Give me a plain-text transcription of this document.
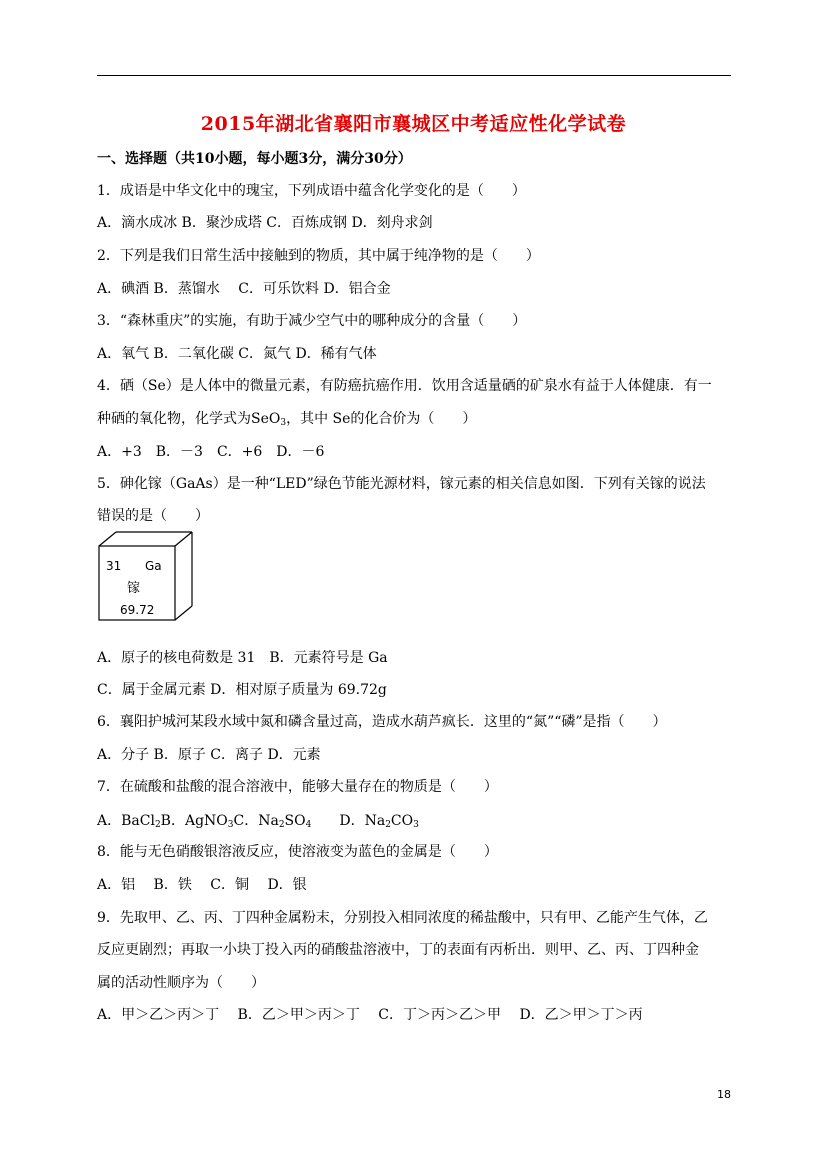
2015年湖北省襄阳市襄城区中考适应性化学试卷
一、选择题（共10小题，每小题3分，满分30分）
1．成语是中华文化中的瑰宝，下列成语中蕴含化学变化的是（　　）
A．滴水成冰 B．聚沙成塔 C．百炼成钢 D．刻舟求剑
2．下列是我们日常生活中接触到的物质，其中属于纯净物的是（　　）
A．碘酒 B．蒸馏水　 C．可乐饮料 D．铝合金
3．“森林重庆”的实施，有助于减少空气中的哪种成分的含量（　　）
A．氧气 B．二氧化碳 C．氮气 D．稀有气体
4．硒（Se）是人体中的微量元素，有防癌抗癌作用．饮用含适量硒的矿泉水有益于人体健康．有一
种硒的氧化物，化学式为SeO$_3$，其中 Se的化合价为（　　）
A．+3　B．－3　C．+6　D．－6
5．砷化镓（GaAs）是一种“LED”绿色节能光源材料，镓元素的相关信息如图．下列有关镓的说法
错误的是（　　）
31 Ga
镓
69.72
A．原子的核电荷数是 31　B．元素符号是 Ga
C．属于金属元素 D．相对原子质量为 69.72g
6．襄阳护城河某段水域中氮和磷含量过高，造成水葫芦疯长．这里的“氮”“磷”是指（　　）
A．分子 B．原子 C．离子 D．元素
7．在硫酸和盐酸的混合溶液中，能够大量存在的物质是（　　）
A．BaCl$_2$B．AgNO$_3$C．$Na_2SO_4$　D．$Na_2CO_3$
8．能与无色硝酸银溶液反应，使溶液变为蓝色的金属是（　　）
A．铝　 B．铁　 C．铜　 D．银
9．先取甲、乙、丙、丁四种金属粉末，分别投入相同浓度的稀盐酸中，只有甲、乙能产生气体，乙
反应更剧烈；再取一小块丁投入丙的硝酸盐溶液中，丁的表面有丙析出．则甲、乙、丙、丁四种金
属的活动性顺序为（　　）
A．甲＞乙＞丙＞丁　 B．乙＞甲＞丙＞丁　 C．丁＞丙＞乙＞甲　 D．乙＞甲＞丁＞丙
18
